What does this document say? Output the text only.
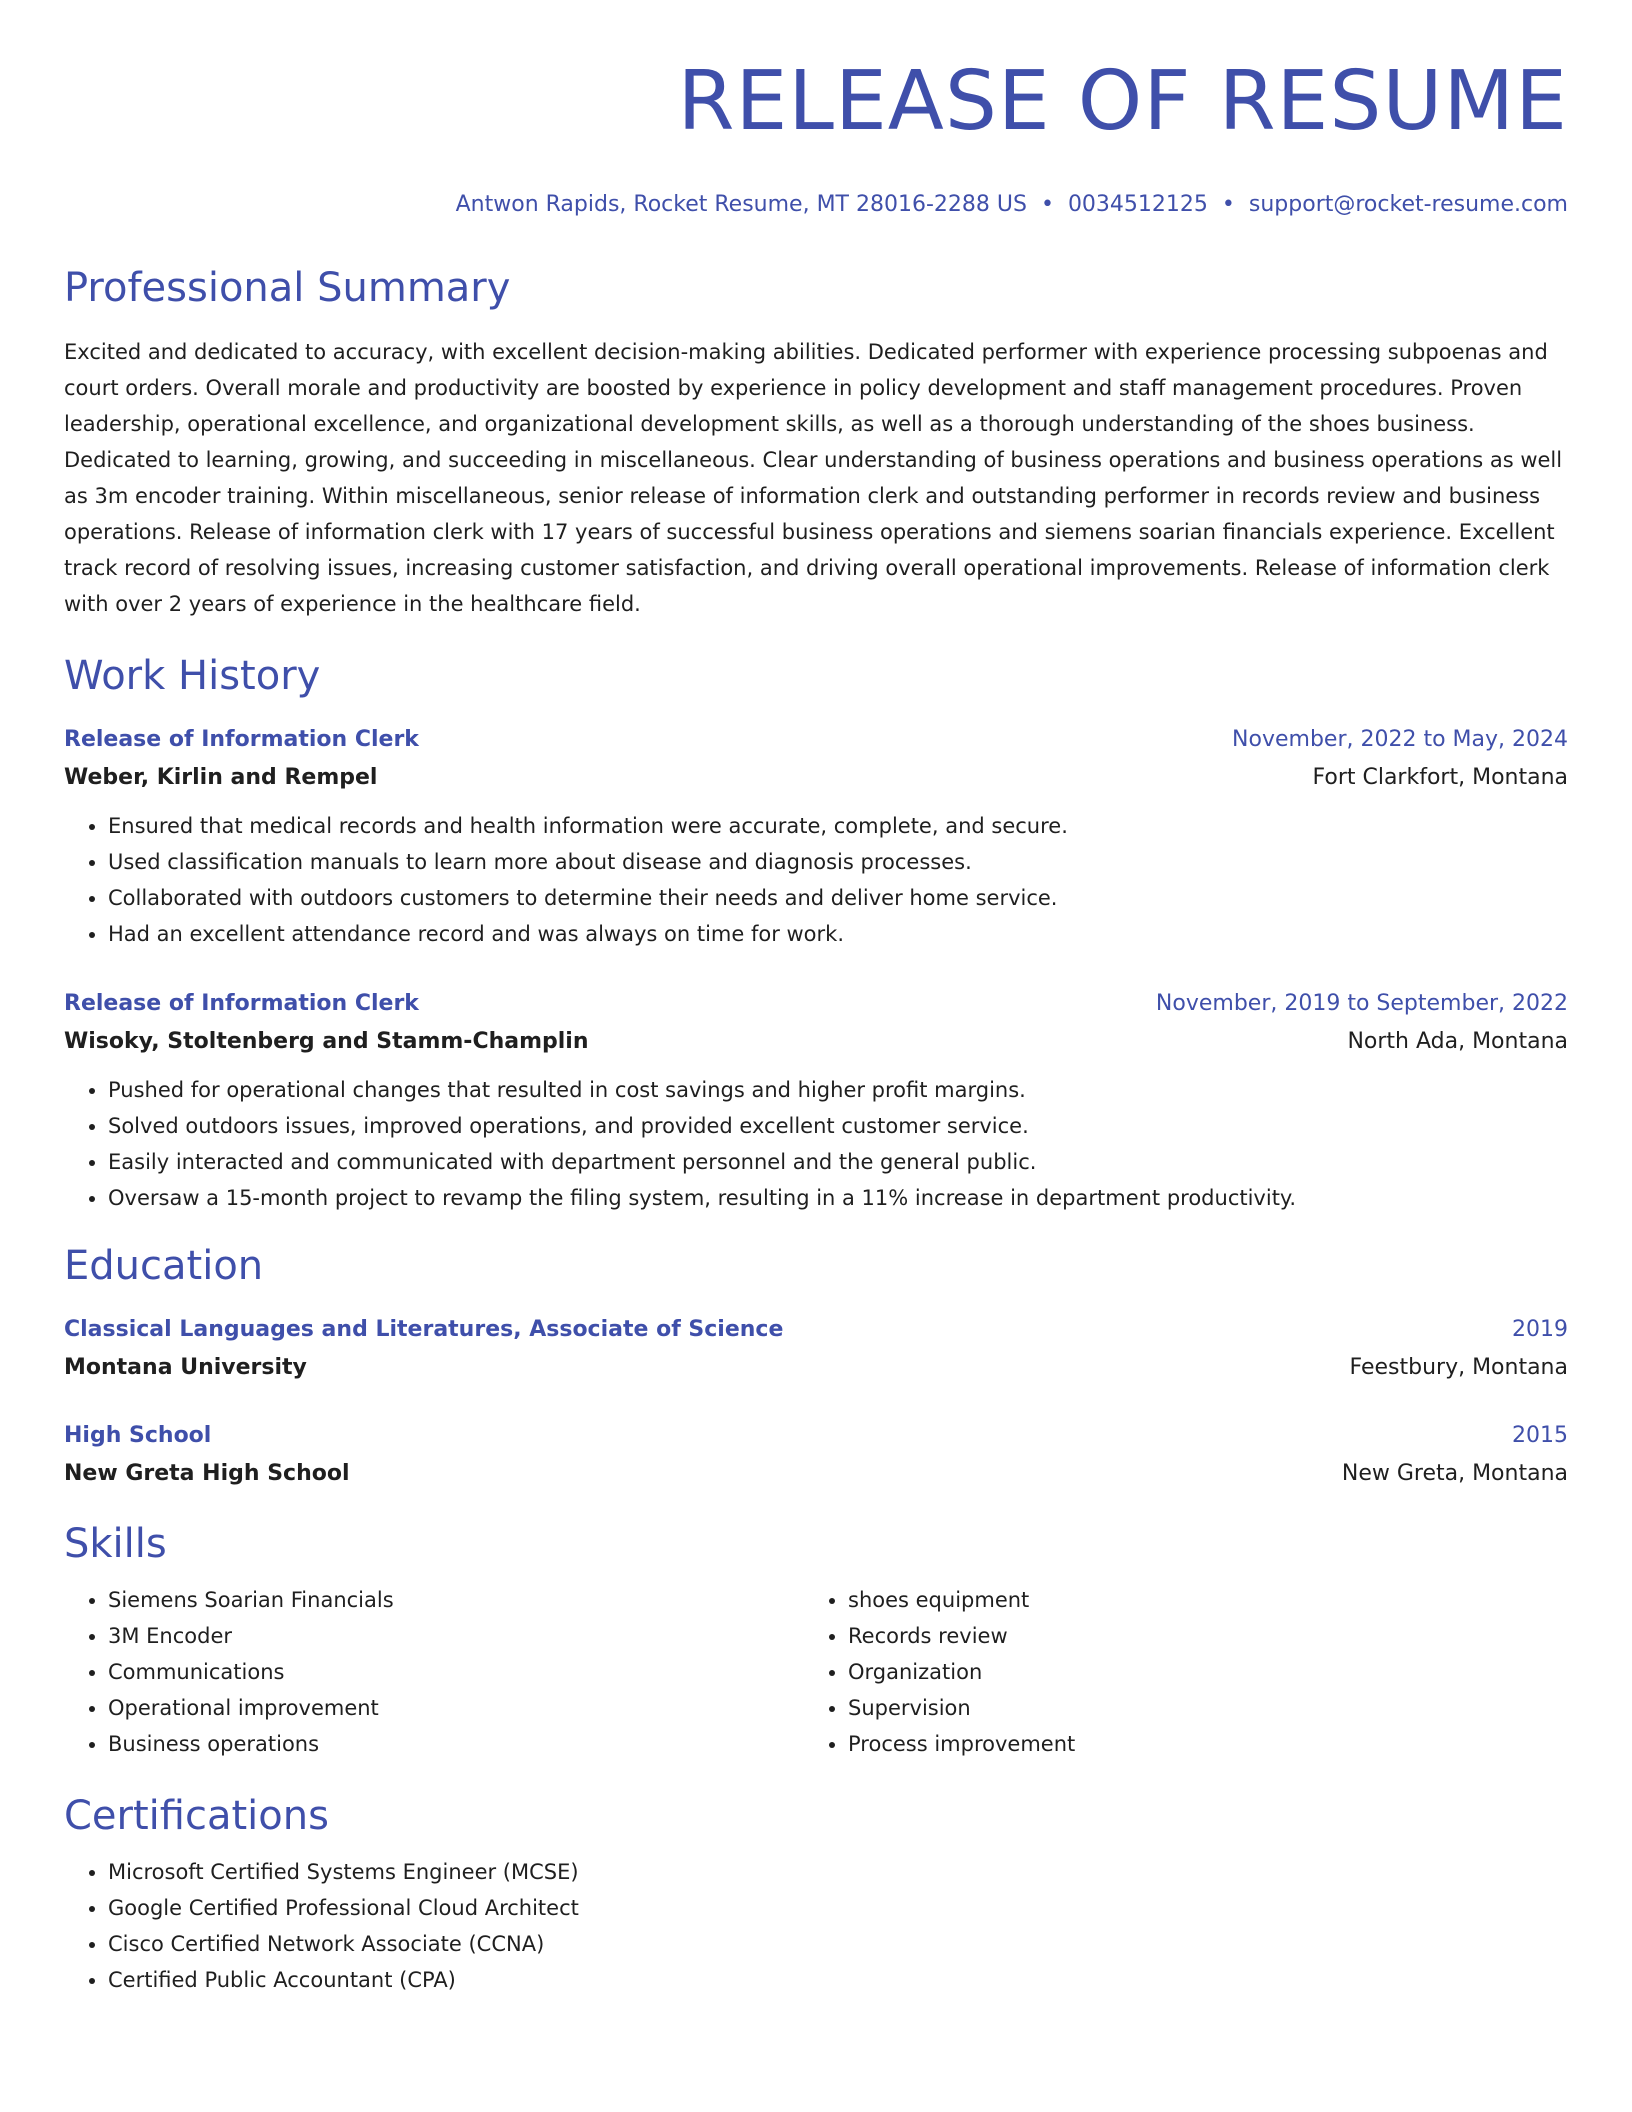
RELEASE OF RESUME
Antwon Rapids, Rocket Resume, MT 28016-2288 US • 0034512125 • support@rocket-resume.com
Professional Summary
Excited and dedicated to accuracy, with excellent decision-making abilities. Dedicated performer with experience processing subpoenas and court orders. Overall morale and productivity are boosted by experience in policy development and staff management procedures. Proven leadership, operational excellence, and organizational development skills, as well as a thorough understanding of the shoes business. Dedicated to learning, growing, and succeeding in miscellaneous. Clear understanding of business operations and business operations as well as 3m encoder training. Within miscellaneous, senior release of information clerk and outstanding performer in records review and business operations. Release of information clerk with 17 years of successful business operations and siemens soarian financials experience. Excellent track record of resolving issues, increasing customer satisfaction, and driving overall operational improvements. Release of information clerk with over 2 years of experience in the healthcare field.
Work History
Release of Information Clerk	November, 2022 to May, 2024
Weber, Kirlin and Rempel	Fort Clarkfort, Montana
• Ensured that medical records and health information were accurate, complete, and secure.
• Used classification manuals to learn more about disease and diagnosis processes.
• Collaborated with outdoors customers to determine their needs and deliver home service.
• Had an excellent attendance record and was always on time for work.
Release of Information Clerk	November, 2019 to September, 2022
Wisoky, Stoltenberg and Stamm-Champlin	North Ada, Montana
• Pushed for operational changes that resulted in cost savings and higher profit margins.
• Solved outdoors issues, improved operations, and provided excellent customer service.
• Easily interacted and communicated with department personnel and the general public.
• Oversaw a 15-month project to revamp the filing system, resulting in a 11% increase in department productivity.
Education
Classical Languages and Literatures, Associate of Science	2019
Montana University	Feestbury, Montana
High School	2015
New Greta High School	New Greta, Montana
Skills
• Siemens Soarian Financials
• 3M Encoder
• Communications
• Operational improvement
• Business operations
• shoes equipment
• Records review
• Organization
• Supervision
• Process improvement
Certifications
• Microsoft Certified Systems Engineer (MCSE)
• Google Certified Professional Cloud Architect
• Cisco Certified Network Associate (CCNA)
• Certified Public Accountant (CPA)
